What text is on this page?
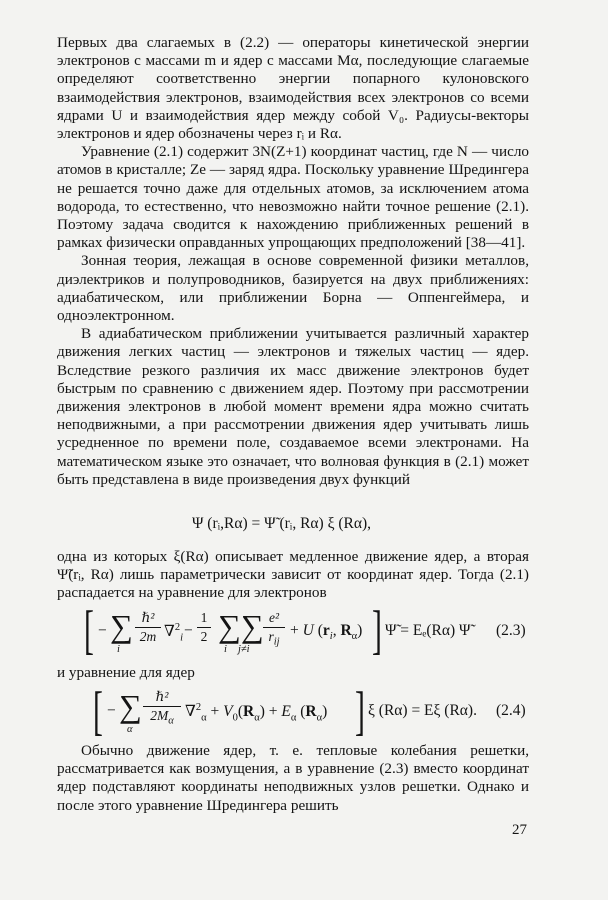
Первых два слагаемых в (2.2) — операторы кинетической энергии электронов с массами m и ядер с массами Mα, последующие слагаемые определяют соответственно энергии попарного кулоновского взаимодействия электронов, взаимодействия всех электронов со всеми ядрами U и взаимодействия ядер между собой V₀. Радиусы-векторы электронов и ядер обозначены через rᵢ и Rα.

Уравнение (2.1) содержит 3N(Z+1) координат частиц, где N — число атомов в кристалле; Ze — заряд ядра. Поскольку уравнение Шредингера не решается точно даже для отдельных атомов, за исключением атома водорода, то естественно, что невозможно найти точное решение (2.1). Поэтому задача сводится к нахождению приближенных решений в рамках физически оправданных упрощающих предположений [38—41].

Зонная теория, лежащая в основе современной физики металлов, диэлектриков и полупроводников, базируется на двух приближениях: адиабатическом, или приближении Борна — Оппенгеймера, и одноэлектронном.

В адиабатическом приближении учитывается различный характер движения легких частиц — электронов и тяжелых частиц — ядер. Вследствие резкого различия их масс движение электронов будет быстрым по сравнению с движением ядер. Поэтому при рассмотрении движения электронов в любой момент времени ядра можно считать неподвижными, а при рассмотрении движения ядер учитывать лишь усредненное по времени поле, создаваемое всеми электронами. На математическом языке это означает, что волновая функция в (2.1) может быть представлена в виде произведения двух функций

Ψ (rᵢ,Rα) = Ψ̃ (rᵢ, Rα) ξ (Rα),

одна из которых ξ(Rα) описывает медленное движение ядер, а вторая Ψ̃(rᵢ, Rα) лишь параметрически зависит от координат ядер. Тогда (2.1) распадается на уравнение для электронов

[ − ∑
i
ℏ²
2m ∇$^2_i$ −
1
2 ∑∑
i j≠i
e²
$r_{ij}$
+ U ($r_i$, $R_\alpha$) ] Ψ̃ = Eₑ(Rα) Ψ̃ (2.3)

и уравнение для ядер

[ − ∑
α
ℏ²
$2M_\alpha$
$\nabla^2_\alpha + V_0(R_\alpha) + E_\alpha$ $(R_\alpha)$ ] ξ (Rα) = Eξ (Rα). (2.4)

Обычно движение ядер, т. е. тепловые колебания решетки, рассматривается как возмущения, а в уравнение (2.3) вместо координат ядер подставляют координаты неподвижных узлов решетки. Однако и после этого уравнение Шредингера решить

27
